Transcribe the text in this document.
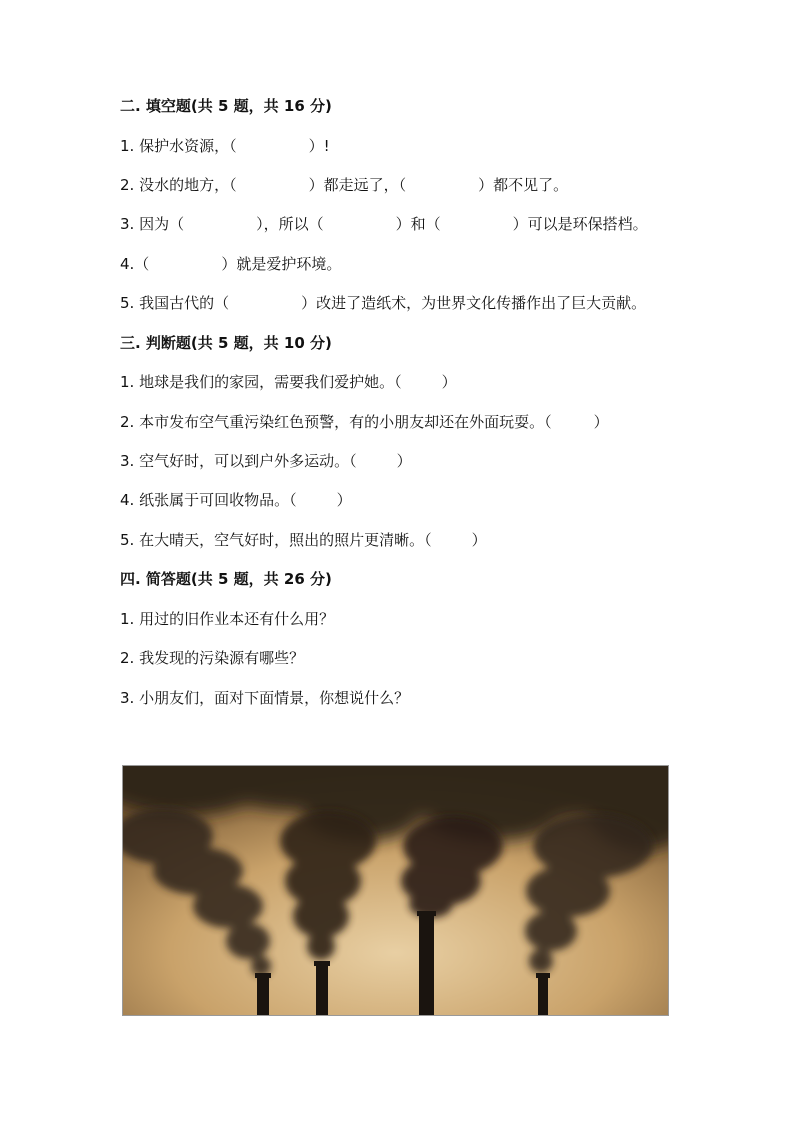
二. 填空题(共 5 题，共 16 分)
1. 保护水资源，（	）!
2. 没水的地方，（	）都走远了，（	）都不见了。
3. 因为（	），所以（	）和（	）可以是环保搭档。
4.（	）就是爱护环境。
5. 我国古代的（	）改进了造纸术，为世界文化传播作出了巨大贡献。
三. 判断题(共 5 题，共 10 分)
1. 地球是我们的家园，需要我们爱护她。（	）
2. 本市发布空气重污染红色预警，有的小朋友却还在外面玩耍。（	）
3. 空气好时，可以到户外多运动。（	）
4. 纸张属于可回收物品。（	）
5. 在大晴天，空气好时，照出的照片更清晰。（	）
四. 简答题(共 5 题，共 26 分)
1. 用过的旧作业本还有什么用？
2. 我发现的污染源有哪些？
3. 小朋友们，面对下面情景，你想说什么？
